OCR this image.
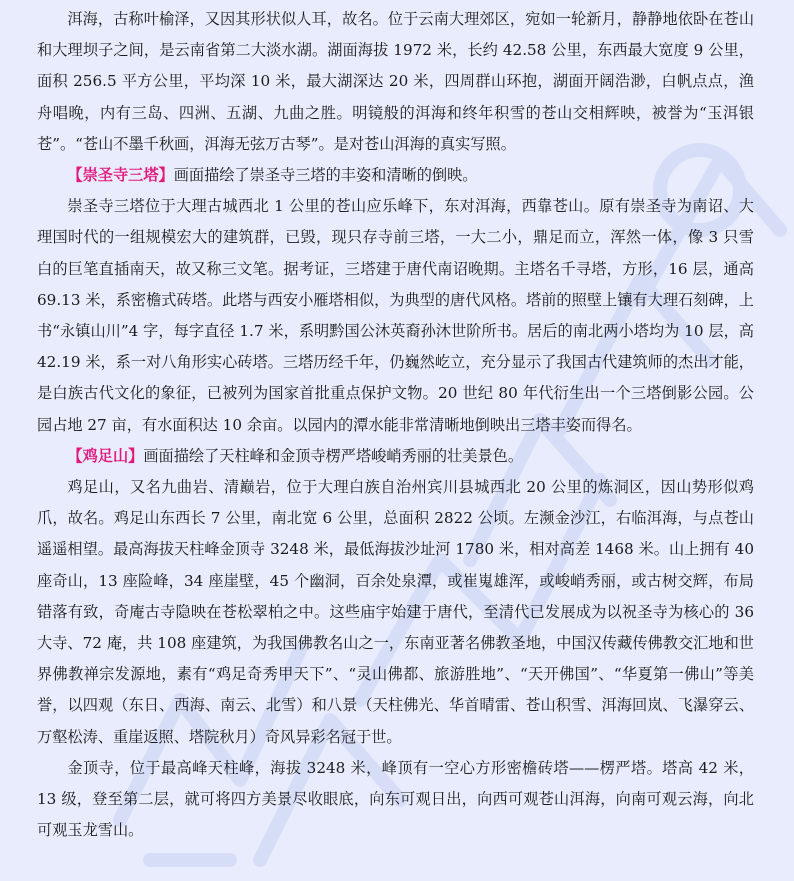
洱海，古称叶榆泽，又因其形状似人耳，故名。位于云南大理郊区，宛如一轮新月，静静地依卧在苍山和大理坝子之间，是云南省第二大淡水湖。湖面海拔 1972 米，长约 42.58 公里，东西最大宽度 9 公里，面积 256.5 平方公里，平均深 10 米，最大湖深达 20 米，四周群山环抱，湖面开阔浩渺，白帆点点，渔舟唱晚，内有三岛、四洲、五湖、九曲之胜。明镜般的洱海和终年积雪的苍山交相辉映，被誉为“玉洱银苍”。“苍山不墨千秋画，洱海无弦万古琴”。是对苍山洱海的真实写照。

【崇圣寺三塔】画面描绘了崇圣寺三塔的丰姿和清晰的倒映。

崇圣寺三塔位于大理古城西北 1 公里的苍山应乐峰下，东对洱海，西靠苍山。原有崇圣寺为南诏、大理国时代的一组规模宏大的建筑群，已毁，现只存寺前三塔，一大二小，鼎足而立，浑然一体，像 3 只雪白的巨笔直插南天，故又称三文笔。据考证，三塔建于唐代南诏晚期。主塔名千寻塔，方形，16 层，通高 69.13 米，系密檐式砖塔。此塔与西安小雁塔相似，为典型的唐代风格。塔前的照壁上镶有大理石刻碑，上书“永镇山川”4 字，每字直径 1.7 米，系明黔国公沐英裔孙沐世阶所书。居后的南北两小塔均为 10 层，高 42.19 米，系一对八角形实心砖塔。三塔历经千年，仍巍然屹立，充分显示了我国古代建筑师的杰出才能，是白族古代文化的象征，已被列为国家首批重点保护文物。20 世纪 80 年代衍生出一个三塔倒影公园。公园占地 27 亩，有水面积达 10 余亩。以园内的潭水能非常清晰地倒映出三塔丰姿而得名。

【鸡足山】画面描绘了天柱峰和金顶寺楞严塔峻峭秀丽的壮美景色。

鸡足山，又名九曲岩、清巅岩，位于大理白族自治州宾川县城西北 20 公里的炼洞区，因山势形似鸡爪，故名。鸡足山东西长 7 公里，南北宽 6 公里，总面积 2822 公顷。左濒金沙江，右临洱海，与点苍山遥遥相望。最高海拔天柱峰金顶寺 3248 米，最低海拔沙址河 1780 米，相对高差 1468 米。山上拥有 40 座奇山，13 座险峰，34 座崖壁，45 个幽洞，百余处泉潭，或崔嵬雄浑，或峻峭秀丽，或古树交辉，布局错落有致，奇庵古寺隐映在苍松翠柏之中。这些庙宇始建于唐代，至清代已发展成为以祝圣寺为核心的 36 大寺、72 庵，共 108 座建筑，为我国佛教名山之一，东南亚著名佛教圣地，中国汉传藏传佛教交汇地和世界佛教禅宗发源地，素有“鸡足奇秀甲天下”、“灵山佛都、旅游胜地”、“天开佛国”、“华夏第一佛山”等美誉，以四观（东日、西海、南云、北雪）和八景（天柱佛光、华首晴雷、苍山积雪、洱海回岚、飞瀑穿云、万壑松涛、重崖返照、塔院秋月）奇风异彩名冠于世。

金顶寺，位于最高峰天柱峰，海拔 3248 米，峰顶有一空心方形密檐砖塔——楞严塔。塔高 42 米，13 级，登至第二层，就可将四方美景尽收眼底，向东可观日出，向西可观苍山洱海，向南可观云海，向北可观玉龙雪山。
